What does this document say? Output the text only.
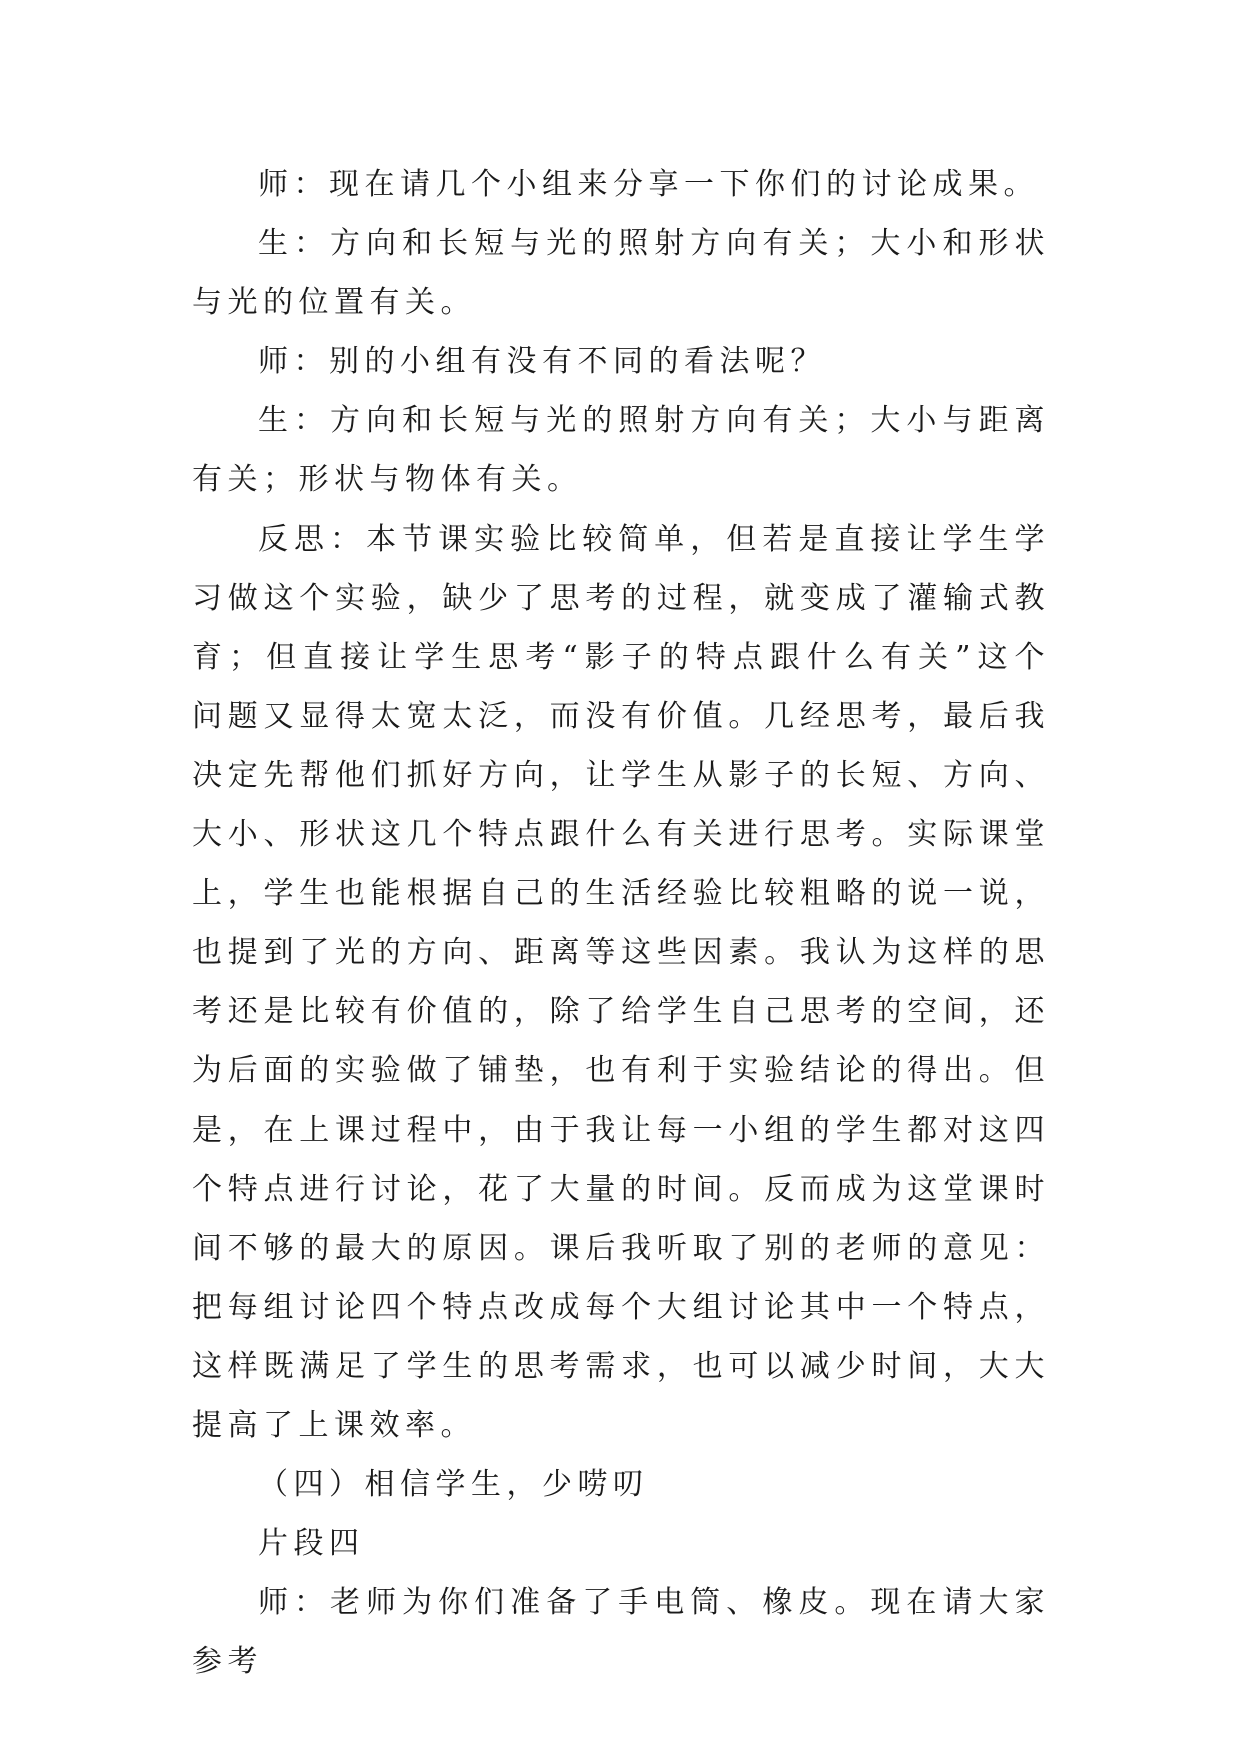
师：现在请几个小组来分享一下你们的讨论成果。

生：方向和长短与光的照射方向有关；大小和形状与光的位置有关。

师：别的小组有没有不同的看法呢？

生：方向和长短与光的照射方向有关；大小与距离有关；形状与物体有关。

反思：本节课实验比较简单，但若是直接让学生学习做这个实验，缺少了思考的过程，就变成了灌输式教育；但直接让学生思考“影子的特点跟什么有关”这个问题又显得太宽太泛，而没有价值。几经思考，最后我决定先帮他们抓好方向，让学生从影子的长短、方向、大小、形状这几个特点跟什么有关进行思考。实际课堂上，学生也能根据自己的生活经验比较粗略的说一说，也提到了光的方向、距离等这些因素。我认为这样的思考还是比较有价值的，除了给学生自己思考的空间，还为后面的实验做了铺垫，也有利于实验结论的得出。但是，在上课过程中，由于我让每一小组的学生都对这四个特点进行讨论，花了大量的时间。反而成为这堂课时间不够的最大的原因。课后我听取了别的老师的意见：把每组讨论四个特点改成每个大组讨论其中一个特点，这样既满足了学生的思考需求，也可以减少时间，大大提高了上课效率。

（四）相信学生，少唠叨

片段四

师：老师为你们准备了手电筒、橡皮。现在请大家参考
